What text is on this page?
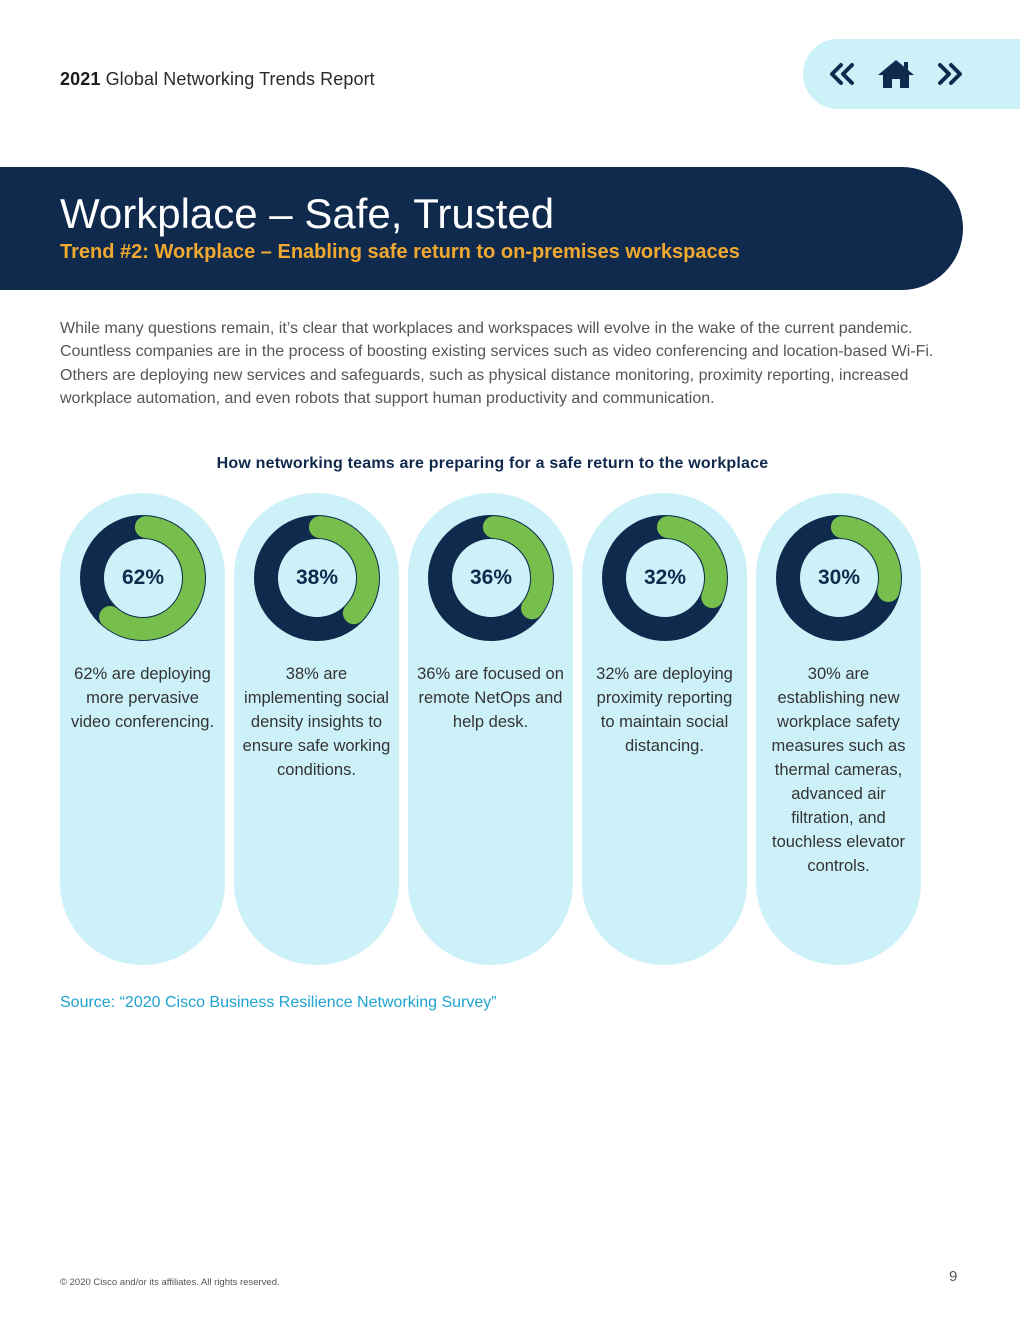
2021 Global Networking Trends Report
Workplace – Safe, Trusted
Trend #2: Workplace – Enabling safe return to on-premises workspaces

While many questions remain, it’s clear that workplaces and workspaces will evolve in the wake of the current pandemic. Countless companies are in the process of boosting existing services such as video conferencing and location-based Wi-Fi. Others are deploying new services and safeguards, such as physical distance monitoring, proximity reporting, increased workplace automation, and even robots that support human productivity and communication.

How networking teams are preparing for a safe return to the workplace
62%
62% are deploying more pervasive video conferencing.
38%
38% are implementing social density insights to ensure safe working conditions.
36%
36% are focused on remote NetOps and help desk.
32%
32% are deploying proximity reporting to maintain social distancing.
30%
30% are establishing new workplace safety measures such as thermal cameras, advanced air filtration, and touchless elevator controls.
Source: “2020 Cisco Business Resilience Networking Survey”
© 2020 Cisco and/or its affiliates. All rights reserved.	9
